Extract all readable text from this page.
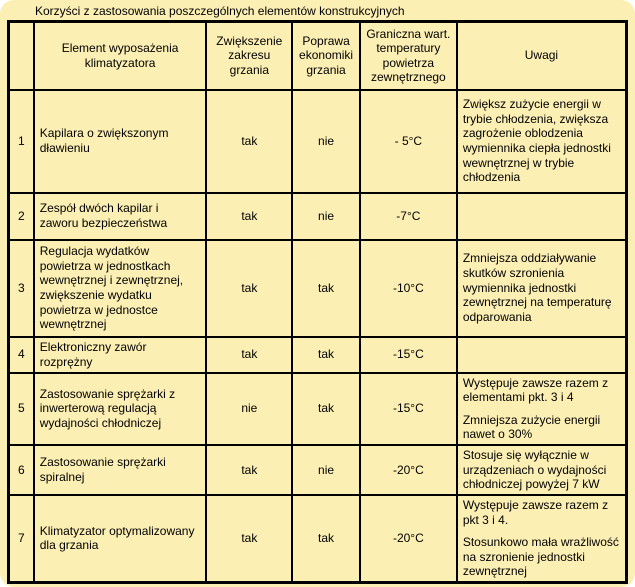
Korzyści z zastosowania poszczególnych elementów konstrukcyjnych
	Element wyposażenia klimatyzatora	Zwiększenie zakresu grzania	Poprawa ekonomiki grzania	Graniczna wart. temperatury powietrza zewnętrznego	Uwagi
1	Kapilara o zwiększonym dławieniu	tak	nie	- 5°C	Zwiększ zużycie energii w trybie chłodzenia, zwiększa zagrożenie oblodzenia wymiennika ciepła jednostki wewnętrznej w trybie chłodzenia

2	Zespół dwóch kapilar i zaworu bezpieczeństwa	tak	nie	-7°C	
3	Regulacja wydatków powietrza w jednostkach wewnętrznej i zewnętrznej, zwiększenie wydatku powietrza w jednostce wewnętrznej	tak	tak	-10°C	Zmniejsza oddziaływanie skutków szronienia wymiennika jednostki zewnętrznej na temperaturę odparowania

4	Elektroniczny zawór rozprężny	tak	tak	-15°C	
5	Zastosowanie sprężarki z inwerterową regulacją wydajności chłodniczej	nie	tak	-15°C	Występuje zawsze razem z elementami pkt. 3 i 4

Zmniejsza zużycie energii nawet o 30%

6	Zastosowanie sprężarki spiralnej	tak	nie	-20°C	Stosuje się wyłącznie w urządzeniach o wydajności chłodniczej powyżej 7 kW

7	Klimatyzator optymalizowany dla grzania	tak	tak	-20°C	Występuje zawsze razem z pkt 3 i 4.

Stosunkowo mała wrażliwość na szronienie jednostki zewnętrznej
